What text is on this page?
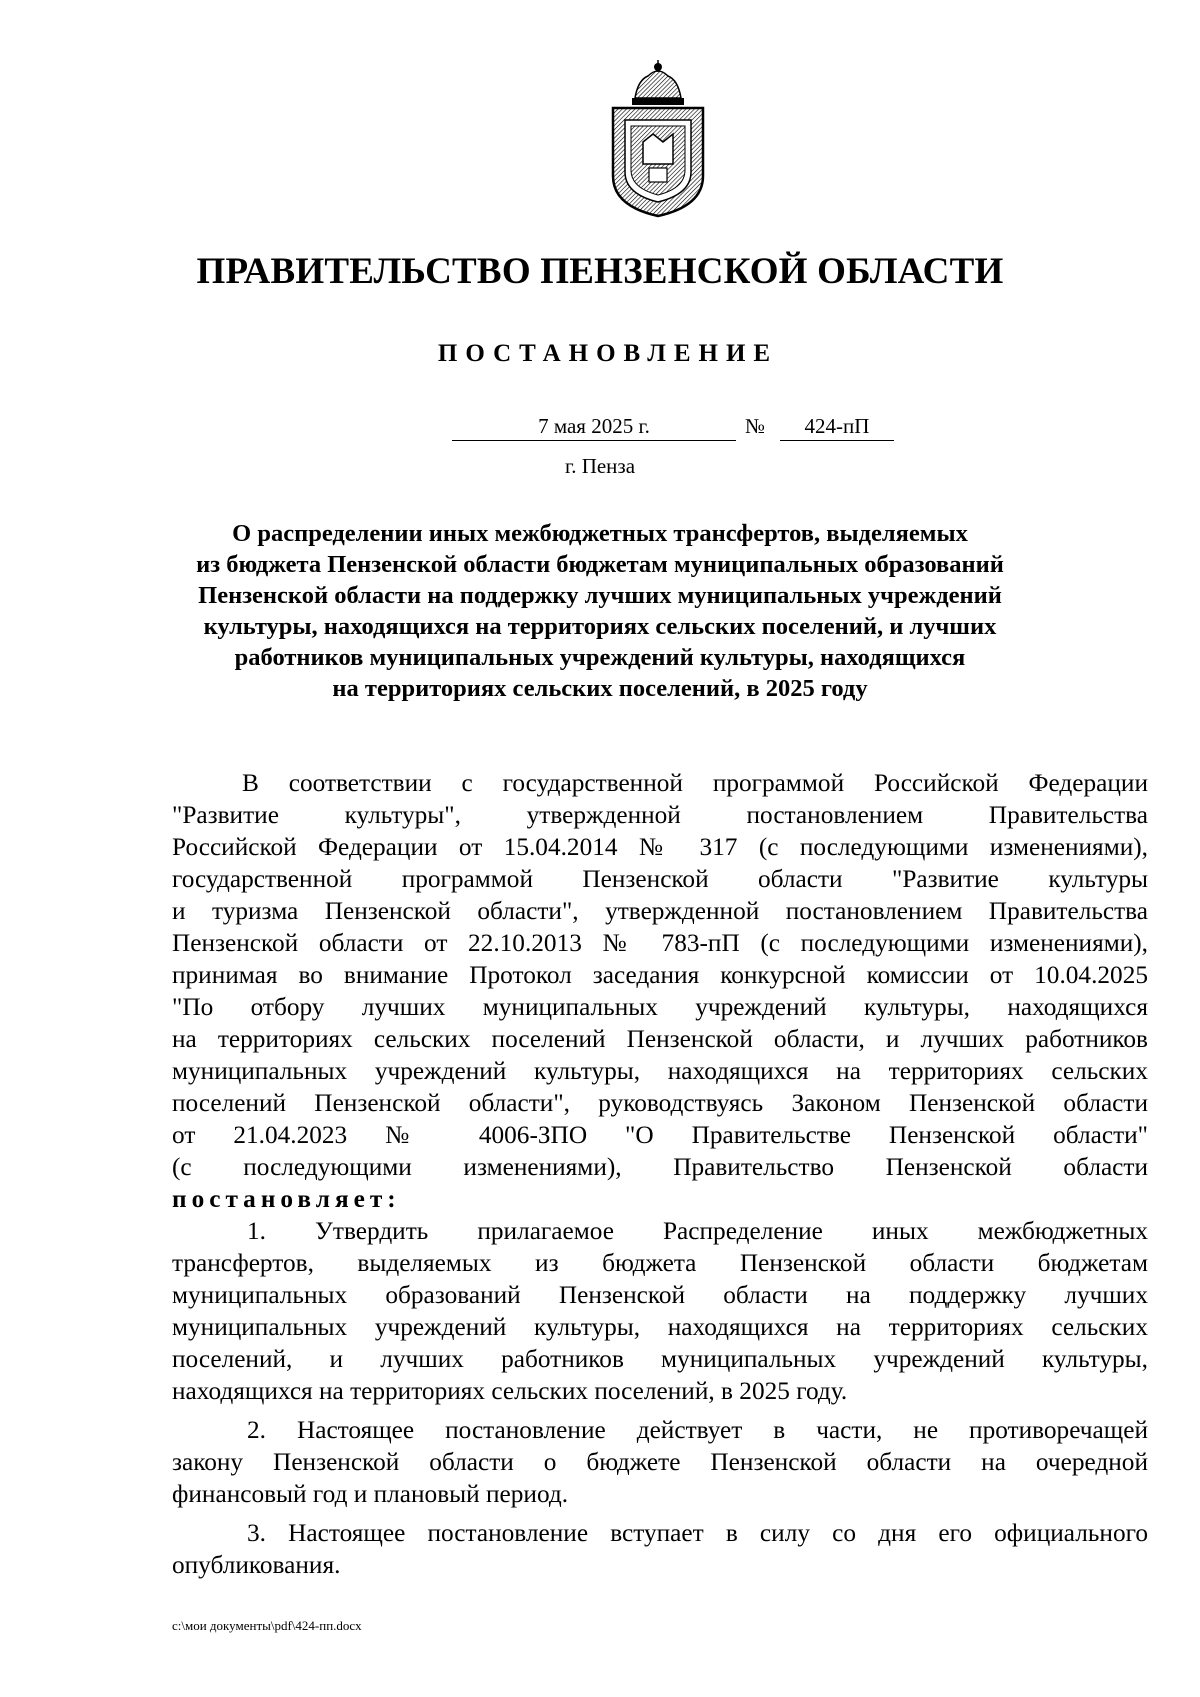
ПРАВИТЕЛЬСТВО ПЕНЗЕНСКОЙ ОБЛАСТИ
ПОСТАНОВЛЕНИЕ
7 мая 2025 г.	№	424-пП
г. Пенза
О распределении иных межбюджетных трансфертов, выделяемых
из бюджета Пензенской области бюджетам муниципальных образований
Пензенской области на поддержку лучших муниципальных учреждений
культуры, находящихся на территориях сельских поселений, и лучших
работников муниципальных учреждений культуры, находящихся
на территориях сельских поселений, в 2025 году
В соответствии с государственной программой Российской Федерации
"Развитие культуры", утвержденной постановлением Правительства
Российской Федерации от 15.04.2014 № 317 (с последующими изменениями),
государственной программой Пензенской области "Развитие культуры
и туризма Пензенской области", утвержденной постановлением Правительства
Пензенской области от 22.10.2013 № 783-пП (с последующими изменениями),
принимая во внимание Протокол заседания конкурсной комиссии от 10.04.2025
"По отбору лучших муниципальных учреждений культуры, находящихся
на территориях сельских поселений Пензенской области, и лучших работников
муниципальных учреждений культуры, находящихся на территориях сельских
поселений Пензенской области", руководствуясь Законом Пензенской области
от 21.04.2023 № 4006-ЗПО "О Правительстве Пензенской области"
(с последующими изменениями), Правительство Пензенской области
постановляет:
1. Утвердить прилагаемое Распределение иных межбюджетных
трансфертов, выделяемых из бюджета Пензенской области бюджетам
муниципальных образований Пензенской области на поддержку лучших
муниципальных учреждений культуры, находящихся на территориях сельских
поселений, и лучших работников муниципальных учреждений культуры,
находящихся на территориях сельских поселений, в 2025 году.
2. Настоящее постановление действует в части, не противоречащей
закону Пензенской области о бюджете Пензенской области на очередной
финансовый год и плановый период.
3. Настоящее постановление вступает в силу со дня его официального
опубликования.
c:\мои документы\pdf\424-пп.docx
